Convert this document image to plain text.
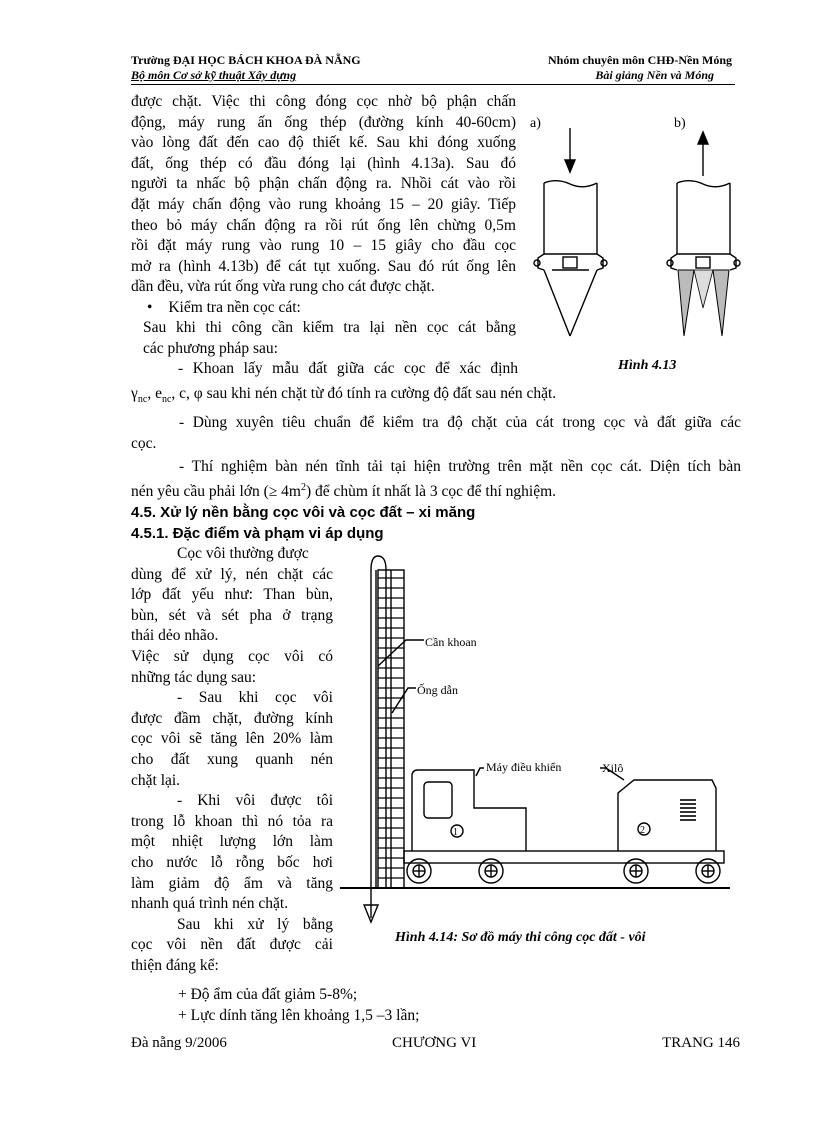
Trường ĐẠI HỌC BÁCH KHOA ĐÀ NẴNG
Bộ môn Cơ sở kỹ thuật Xây dựng
Nhóm chuyên môn CHĐ-Nền Móng
Bài giảng Nền và Móng
được chặt. Việc thi công đóng cọc nhờ bộ phận chấn
động, máy rung ấn ống thép (đường kính 40-60cm)
vào lòng đất đến cao độ thiết kế. Sau khi đóng xuống
đất, ống thép có đầu đóng lại (hình 4.13a). Sau đó
người ta nhấc bộ phận chấn động ra. Nhồi cát vào rồi
đặt máy chấn động vào rung khoảng 15 – 20 giây. Tiếp
theo bỏ máy chấn động ra rồi rút ống lên chừng 0,5m
rồi đặt máy rung vào rung 10 – 15 giây cho đầu cọc
mở ra (hình 4.13b) để cát tụt xuống. Sau đó rút ống lên
dần đều, vừa rút ống vừa rung cho cát được chặt.
• Kiểm tra nền cọc cát:
Sau khi thi công cần kiểm tra lại nền cọc cát bằng
các phương pháp sau:
- Khoan lấy mẫu đất giữa các cọc để xác định
$\gamma_{nc}$, $e_{nc}$, c, φ sau khi nén chặt từ đó tính ra cường độ đất sau nén chặt.
- Dùng xuyên tiêu chuẩn để kiểm tra độ chặt của cát trong cọc và đất giữa các
cọc.
- Thí nghiệm bàn nén tĩnh tải tại hiện trường trên mặt nền cọc cát. Diện tích bàn
nén yêu cầu phải lớn (≥ $4m^2$) để chùm ít nhất là 3 cọc để thí nghiệm.
a)	b)
Hình 4.13
4.5. Xử lý nền bằng cọc vôi và cọc đất – xi măng
4.5.1. Đặc điểm và phạm vi áp dụng
Cọc vôi thường được
dùng để xử lý, nén chặt các
lớp đất yếu như: Than bùn,
bùn, sét và sét pha ở trạng
thái dẻo nhão.
Việc sử dụng cọc vôi có
những tác dụng sau:
- Sau khi cọc vôi
được đầm chặt, đường kính
cọc vôi sẽ tăng lên 20% làm
cho đất xung quanh nén
chặt lại.
- Khi vôi được tôi
trong lỗ khoan thì nó tỏa ra
một nhiệt lượng lớn làm
cho nước lỗ rỗng bốc hơi
làm giảm độ ẩm và tăng
nhanh quá trình nén chặt.
Sau khi xử lý bằng
cọc vôi nền đất được cải
thiện đáng kể:
Cần khoan
Ống dẫn
Máy điều khiển	Xilô
1	2
Hình 4.14: Sơ đồ máy thi công cọc đất - vôi
+ Độ ẩm của đất giảm 5-8%;
+ Lực dính tăng lên khoảng 1,5 –3 lần;
Đà nẵng 9/2006	CHƯƠNG VI	TRANG 146
